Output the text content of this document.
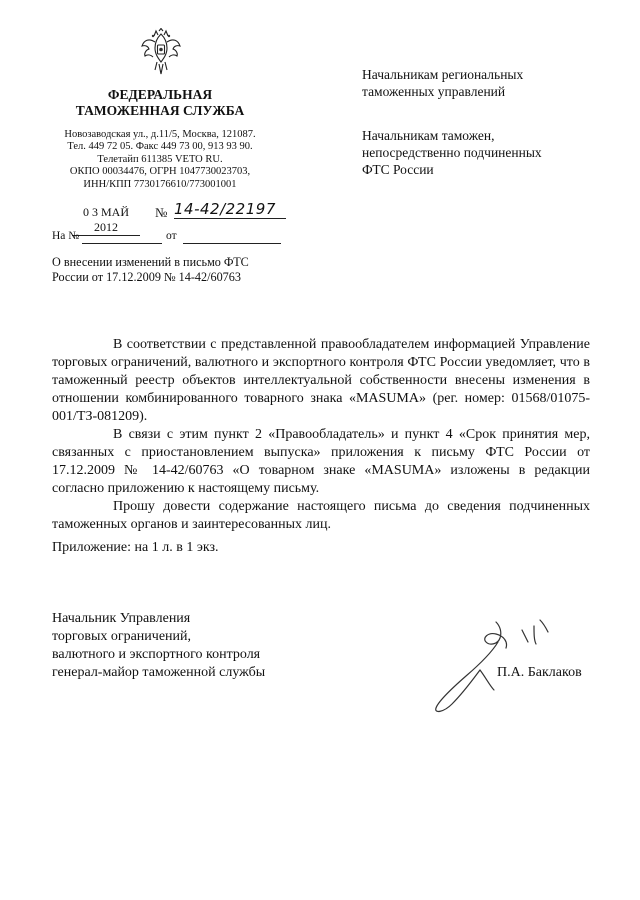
ФЕДЕРАЛЬНАЯ
ТАМОЖЕННАЯ СЛУЖБА
Новозаводская ул., д.11/5, Москва, 121087.
Тел. 449 72 05. Факс 449 73 00, 913 93 90.
Телетайп 611385 VETO RU.
ОКПО 00034476, ОГРН 1047730023703,
ИНН/КПП 7730176610/773001001
0 3 МАЙ 2012
№ 14-42/22197
На №	от
О внесении изменений в письмо ФТС
России от 17.12.2009 № 14-42/60763
Начальникам региональных
таможенных управлений
Начальникам таможен,
непосредственно подчиненных
ФТС России

В соответствии с представленной правообладателем информацией Управление торговых ограничений, валютного и экспортного контроля ФТС России уведомляет, что в таможенный реестр объектов интеллектуальной собственности внесены изменения в отношении комбинированного товарного знака «MASUMA» (рег. номер: 01568/01075-001/ТЗ-081209).

В связи с этим пункт 2 «Правообладатель» и пункт 4 «Срок принятия мер, связанных с приостановлением выпуска» приложения к письму ФТС России от 17.12.2009 № 14-42/60763 «О товарном знаке «MASUMA» изложены в редакции согласно приложению к настоящему письму.

Прошу довести содержание настоящего письма до сведения подчиненных таможенных органов и заинтересованных лиц.

Приложение: на 1 л. в 1 экз.
Начальник Управления
торговых ограничений,
валютного и экспортного контроля
генерал-майор таможенной службы	П.А. Баклаков
